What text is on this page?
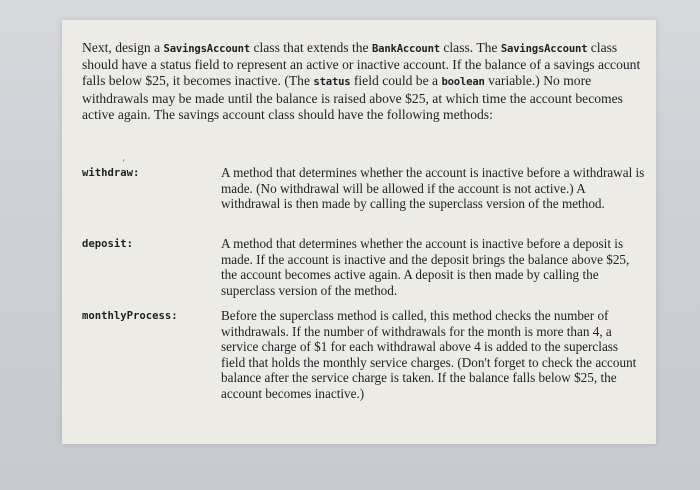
Next, design a SavingsAccount class that extends the BankAccount class. The SavingsAccount class should have a status field to represent an active or inactive account. If the balance of a savings account falls below $25, it becomes inactive. (The status field could be a boolean variable.) No more withdrawals may be made until the balance is raised above $25, at which time the account becomes active again. The savings account class should have the following methods:

'
withdraw:	A method that determines whether the account is inactive before a withdrawal is made. (No withdrawal will be allowed if the account is not active.) A withdrawal is then made by calling the superclass version of the method.

deposit:	A method that determines whether the account is inactive before a deposit is made. If the account is inactive and the deposit brings the balance above $25, the account becomes active again. A deposit is then made by calling the superclass version of the method.

monthlyProcess:	Before the superclass method is called, this method checks the number of withdrawals. If the number of withdrawals for the month is more than 4, a service charge of $1 for each withdrawal above 4 is added to the superclass field that holds the monthly service charges. (Don't forget to check the account balance after the service charge is taken. If the balance falls below $25, the account becomes inactive.)
